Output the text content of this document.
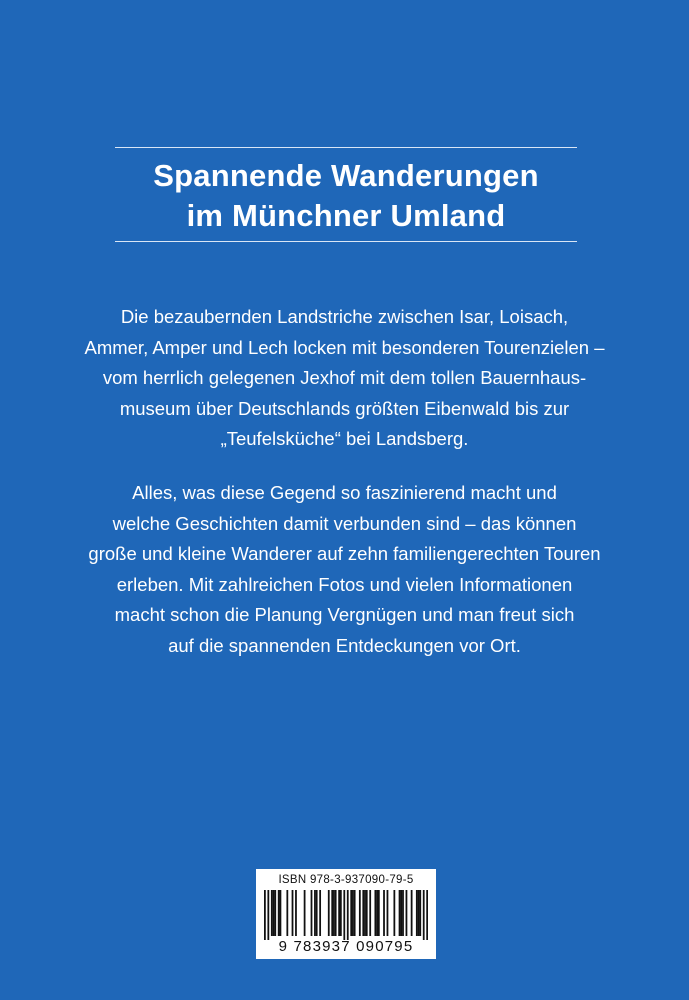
Spannende Wanderungen
im Münchner Umland
Die bezaubernden Landstriche zwischen Isar, Loisach,
Ammer, Amper und Lech locken mit besonderen Tourenzielen –
vom herrlich gelegenen Jexhof mit dem tollen Bauernhaus-
museum über Deutschlands größten Eibenwald bis zur
„Teufelsküche“ bei Landsberg.
Alles, was diese Gegend so faszinierend macht und
welche Geschichten damit verbunden sind – das können
große und kleine Wanderer auf zehn familiengerechten Touren
erleben. Mit zahlreichen Fotos und vielen Informationen
macht schon die Planung Vergnügen und man freut sich
auf die spannenden Entdeckungen vor Ort.
ISBN 978-3-937090-79-5
9 783937 090795
